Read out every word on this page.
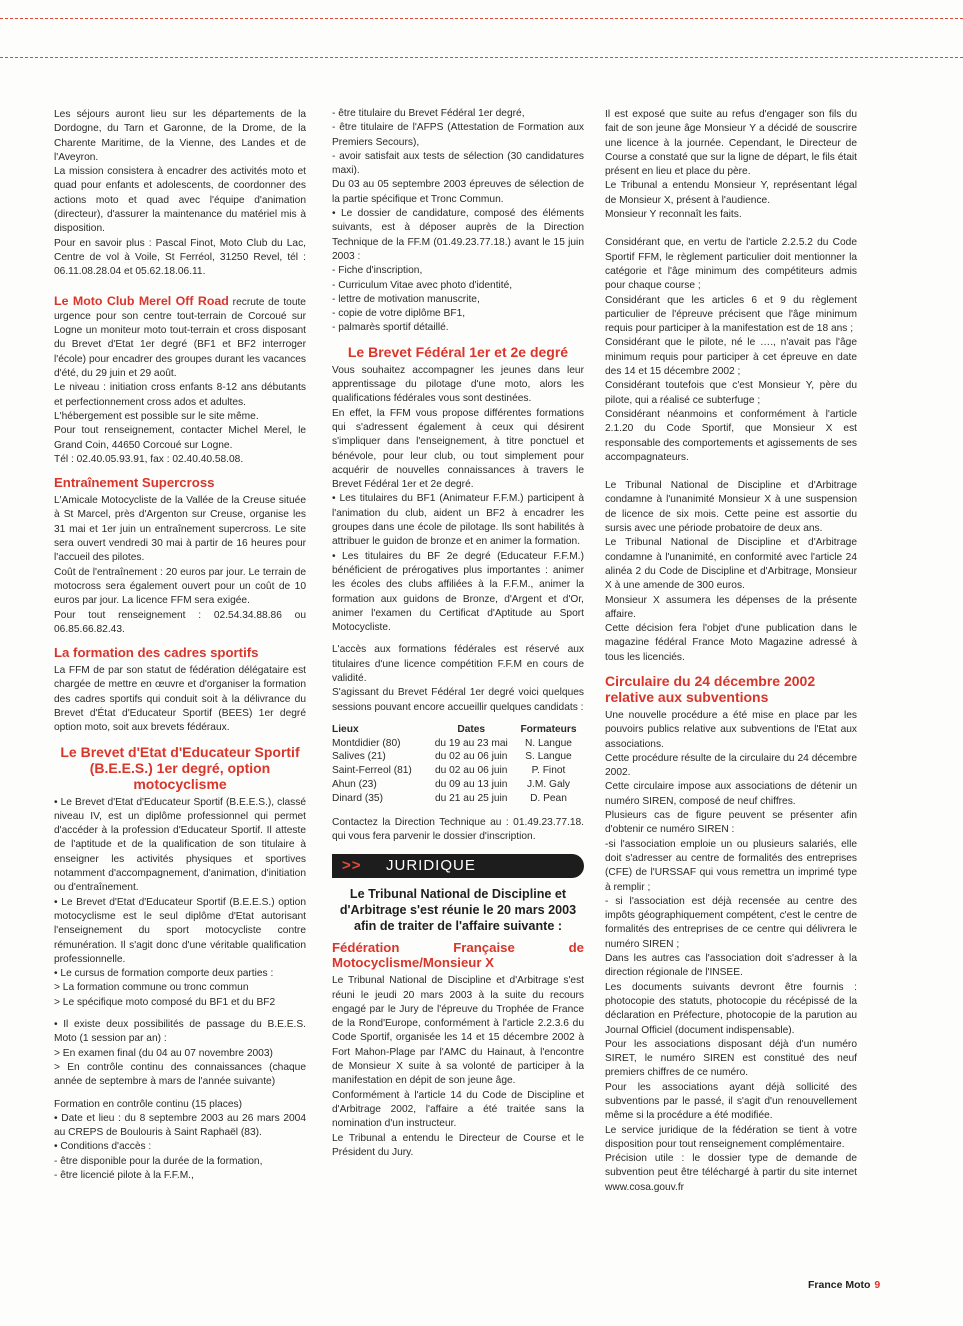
Les séjours auront lieu sur les départements de la Dordogne, du Tarn et Garonne, de la Drome, de la Charente Maritime, de la Vienne, des Landes et de l'Aveyron.

La mission consistera à encadrer des activités moto et quad pour enfants et adolescents, de coordonner des actions moto et quad avec l'équipe d'animation (directeur), d'assurer la maintenance du matériel mis à disposition.

Pour en savoir plus : Pascal Finot, Moto Club du Lac, Centre de vol à Voile, St Ferréol, 31250 Revel, tél : 06.11.08.28.04 et 05.62.18.06.11.

Le Moto Club Merel Off Road recrute de toute urgence pour son centre tout-terrain de Corcoué sur Logne un moniteur moto tout-terrain et cross disposant du Brevet d'Etat 1er degré (BF1 et BF2 interroger l'école) pour encadrer des groupes durant les vacances d'été, du 29 juin et 29 août.

Le niveau : initiation cross enfants 8-12 ans débutants et perfectionnement cross ados et adultes.

L'hébergement est possible sur le site même.

Pour tout renseignement, contacter Michel Merel, le Grand Coin, 44650 Corcoué sur Logne.

Tél : 02.40.05.93.91, fax : 02.40.40.58.08.

Entraînement Supercross

L'Amicale Motocycliste de la Vallée de la Creuse située à St Marcel, près d'Argenton sur Creuse, organise les 31 mai et 1er juin un entraînement supercross. Le site sera ouvert vendredi 30 mai à partir de 16 heures pour l'accueil des pilotes.

Coût de l'entraînement : 20 euros par jour. Le terrain de motocross sera également ouvert pour un coût de 10 euros par jour. La licence FFM sera exigée.

Pour tout renseignement : 02.54.34.88.86 ou 06.85.66.82.43.

La formation des cadres sportifs

La FFM de par son statut de fédération délégataire est chargée de mettre en œuvre et d'organiser la formation des cadres sportifs qui conduit soit à la délivrance du Brevet d'État d'Educateur Sportif (BEES) 1er degré option moto, soit aux brevets fédéraux.

Le Brevet d'Etat d'Educateur Sportif (B.E.E.S.) 1er degré, option motocyclisme

• Le Brevet d'Etat d'Educateur Sportif (B.E.E.S.), classé niveau IV, est un diplôme professionnel qui permet d'accéder à la profession d'Educateur Sportif. Il atteste de l'aptitude et de la qualification de son titulaire à enseigner les activités physiques et sportives notamment d'accompagnement, d'animation, d'initiation ou d'entraînement.

• Le Brevet d'Etat d'Educateur Sportif (B.E.E.S.) option motocyclisme est le seul diplôme d'Etat autorisant l'enseignement du sport motocycliste contre rémunération. Il s'agit donc d'une véritable qualification professionnelle.

• Le cursus de formation comporte deux parties :

> La formation commune ou tronc commun

> Le spécifique moto composé du BF1 et du BF2

• Il existe deux possibilités de passage du B.E.E.S. Moto (1 session par an) :

> En examen final (du 04 au 07 novembre 2003)

> En contrôle continu des connaissances (chaque année de septembre à mars de l'année suivante)

Formation en contrôle continu (15 places)

• Date et lieu : du 8 septembre 2003 au 26 mars 2004 au CREPS de Boulouris à Saint Raphaël (83).

• Conditions d'accès :

- être disponible pour la durée de la formation,

- être licencié pilote à la F.F.M.,

- être titulaire du Brevet Fédéral 1er degré,

- être titulaire de l'AFPS (Attestation de Formation aux Premiers Secours),

- avoir satisfait aux tests de sélection (30 candidatures maxi).

Du 03 au 05 septembre 2003 épreuves de sélection de la partie spécifique et Tronc Commun.

• Le dossier de candidature, composé des éléments suivants, est à déposer auprès de la Direction Technique de la FF.M (01.49.23.77.18.) avant le 15 juin 2003 :

- Fiche d'inscription,

- Curriculum Vitae avec photo d'identité,

- lettre de motivation manuscrite,

- copie de votre diplôme BF1,

- palmarès sportif détaillé.

Le Brevet Fédéral 1er et 2e degré

Vous souhaitez accompagner les jeunes dans leur apprentissage du pilotage d'une moto, alors les qualifications fédérales vous sont destinées.

En effet, la FFM vous propose différentes formations qui s'adressent également à ceux qui désirent s'impliquer dans l'enseignement, à titre ponctuel et bénévole, pour leur club, ou tout simplement pour acquérir de nouvelles connaissances à travers le Brevet Fédéral 1er et 2e degré.

• Les titulaires du BF1 (Animateur F.F.M.) participent à l'animation du club, aident un BF2 à encadrer les groupes dans une école de pilotage. Ils sont habilités à attribuer le guidon de bronze et en animer la formation.

• Les titulaires du BF 2e degré (Educateur F.F.M.) bénéficient de prérogatives plus importantes : animer les écoles des clubs affiliées à la F.F.M., animer la formation aux guidons de Bronze, d'Argent et d'Or, animer l'examen du Certificat d'Aptitude au Sport Motocycliste.

L'accès aux formations fédérales est réservé aux titulaires d'une licence compétition F.F.M en cours de validité.

S'agissant du Brevet Fédéral 1er degré voici quelques sessions pouvant encore accueillir quelques candidats :

Lieux	Dates	Formateurs
Montdidier (80)	du 19 au 23 mai	N. Langue
Salives (21)	du 02 au 06 juin	S. Langue
Saint-Ferreol (81)	du 02 au 06 juin	P. Finot
Ahun (23)	du 09 au 13 juin	J.M. Galy
Dinard (35)	du 21 au 25 juin	D. Pean

Contactez la Direction Technique au : 01.49.23.77.18. qui vous fera parvenir le dossier d'inscription.

>> JURIDIQUE
Le Tribunal National de Discipline et d'Arbitrage s'est réunie le 20 mars 2003 afin de traiter de l'affaire suivante :
Fédération Française de Motocyclisme/Monsieur X

Le Tribunal National de Discipline et d'Arbitrage s'est réuni le jeudi 20 mars 2003 à la suite du recours engagé par le Jury de l'épreuve du Trophée de France de la Rond'Europe, conformément à l'article 2.2.3.6 du Code Sportif, organisée les 14 et 15 décembre 2002 à Fort Mahon-Plage par l'AMC du Hainaut, à l'encontre de Monsieur X suite à sa volonté de participer à la manifestation en dépit de son jeune âge.

Conformément à l'article 14 du Code de Discipline et d'Arbitrage 2002, l'affaire a été traitée sans la nomination d'un instructeur.

Le Tribunal a entendu le Directeur de Course et le Président du Jury.

Il est exposé que suite au refus d'engager son fils du fait de son jeune âge Monsieur Y a décidé de souscrire une licence à la journée. Cependant, le Directeur de Course a constaté que sur la ligne de départ, le fils était présent en lieu et place du père.

Le Tribunal a entendu Monsieur Y, représentant légal de Monsieur X, présent à l'audience.

Monsieur Y reconnaît les faits.

Considérant que, en vertu de l'article 2.2.5.2 du Code Sportif FFM, le règlement particulier doit mentionner la catégorie et l'âge minimum des compétiteurs admis pour chaque course ;

Considérant que les articles 6 et 9 du règlement particulier de l'épreuve précisent que l'âge minimum requis pour participer à la manifestation est de 18 ans ;

Considérant que le pilote, né le …., n'avait pas l'âge minimum requis pour participer à cet épreuve en date des 14 et 15 décembre 2002 ;

Considérant toutefois que c'est Monsieur Y, père du pilote, qui a réalisé ce subterfuge ;

Considérant néanmoins et conformément à l'article 2.1.20 du Code Sportif, que Monsieur X est responsable des comportements et agissements de ses accompagnateurs.

Le Tribunal National de Discipline et d'Arbitrage condamne à l'unanimité Monsieur X à une suspension de licence de six mois. Cette peine est assortie du sursis avec une période probatoire de deux ans.

Le Tribunal National de Discipline et d'Arbitrage condamne à l'unanimité, en conformité avec l'article 24 alinéa 2 du Code de Discipline et d'Arbitrage, Monsieur X à une amende de 300 euros.

Monsieur X assumera les dépenses de la présente affaire.

Cette décision fera l'objet d'une publication dans le magazine fédéral France Moto Magazine adressé à tous les licenciés.

Circulaire du 24 décembre 2002 relative aux subventions

Une nouvelle procédure a été mise en place par les pouvoirs publics relative aux subventions de l'Etat aux associations.

Cette procédure résulte de la circulaire du 24 décembre 2002.

Cette circulaire impose aux associations de détenir un numéro SIREN, composé de neuf chiffres.

Plusieurs cas de figure peuvent se présenter afin d'obtenir ce numéro SIREN :

-si l'association emploie un ou plusieurs salariés, elle doit s'adresser au centre de formalités des entreprises (CFE) de l'URSSAF qui vous remettra un imprimé type à remplir ;

- si l'association est déjà recensée au centre des impôts géographiquement compétent, c'est le centre de formalités des entreprises de ce centre qui délivrera le numéro SIREN ;

Dans les autres cas l'association doit s'adresser à la direction régionale de l'INSEE.

Les documents suivants devront être fournis : photocopie des statuts, photocopie du récépissé de la déclaration en Préfecture, photocopie de la parution au Journal Officiel (document indispensable).

Pour les associations disposant déjà d'un numéro SIRET, le numéro SIREN est constitué des neuf premiers chiffres de ce numéro.

Pour les associations ayant déjà sollicité des subventions par le passé, il s'agit d'un renouvellement même si la procédure a été modifiée.

Le service juridique de la fédération se tient à votre disposition pour tout renseignement complémentaire.

Précision utile : le dossier type de demande de subvention peut être téléchargé à partir du site internet www.cosa.gouv.fr

France Moto 9
